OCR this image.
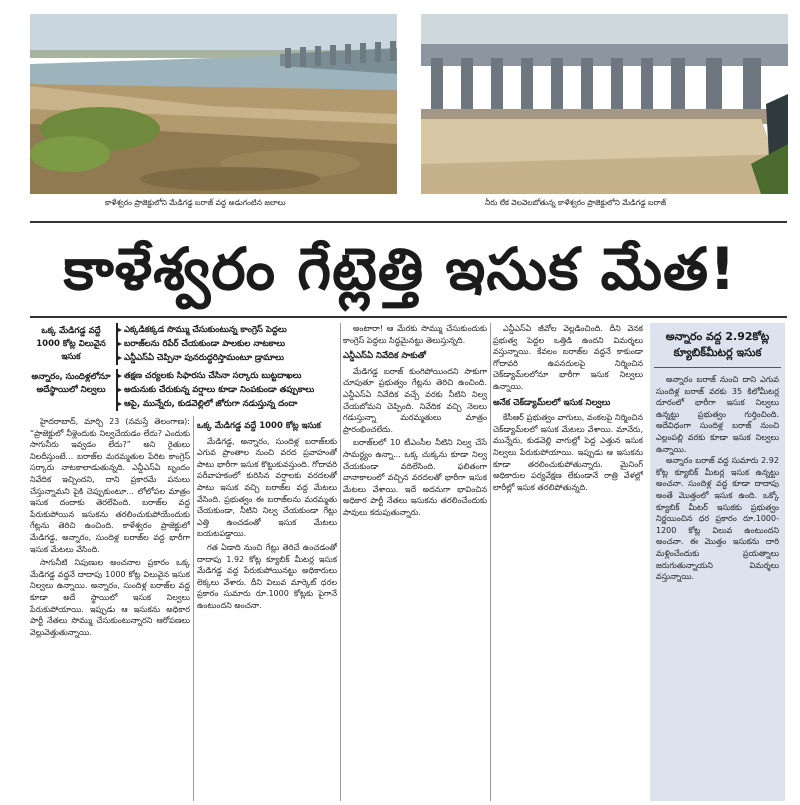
కాళేశ్వరం ప్రాజెక్టులోని మేడిగడ్డ బరాజ్ వద్ద అడుగంటిన జలాలు	నీరు లేక వెలవెలబోతున్న కాళేశ్వరం ప్రాజెక్టులోని మేడిగడ్డ బరాజ్
కాళేశ్వరం గేట్లెత్తి ఇసుక మేత!
ఒక్క మేడిగడ్డ వద్దే 1000 కోట్ల విలువైన ఇసుక
ఎక్కడికక్కడ సొమ్ము చేసుకుంటున్న కాంగ్రెస్ పెద్దలు
బరాజ్‌లను రిపేర్ చేయకుండా పాలకుల నాటకాలు
ఎన్డీఎస్‌ఏ చెప్పినా పునరుద్ధరిస్తామంటూ డ్రామాలు
అన్నారం, సుందిళ్లలోనూ అదేస్థాయిలో నిల్వలు
తక్షణ చర్యలకు సిఫారసు చేసినా సర్కారు బుట్టదాఖలు
అదునుకు చేరుకున్న వర్షాలు కూడా నింపకుండా తప్పుకాలు
ఆపై, మున్నేరు, కుడవెల్లిలో జోరుగా నడుస్తున్న దందా

హైదరాబాద్, మార్చి 23 (నమస్తే తెలంగాణ): “ప్రాజెక్టులో నీళ్లెందుకు నిల్వచేయడం లేదు? ఎందుకు సాగునీరు ఇవ్వడం లేదు?” అని రైతులు నిలదీస్తుంటే... బరాజ్‌ల మరమ్మతుల పేరిట కాంగ్రెస్ సర్కారు నాటకాలాడుతున్నది. ఎన్డీఎస్‌ఏ బృందం నివేదిక ఇచ్చిందని, దాని ప్రకారమే పనులు చేస్తున్నామని పైకి చెప్పుకుంటూ... లోలోపల మాత్రం ఇసుక దందాకు తెరలేపింది. బరాజ్‌ల వద్ద పేరుకుపోయిన ఇసుకను తరలించుకుపోయేందుకు గేట్లను తెరిచి ఉంచింది. కాళేశ్వరం ప్రాజెక్టులో మేడిగడ్డ, అన్నారం, సుందిళ్ల బరాజ్‌ల వద్ద భారీగా ఇసుక మేటలు వేసింది.

సాగునీటి నిపుణుల అంచనాల ప్రకారం ఒక్క మేడిగడ్డ వద్దనే దాదాపు 1000 కోట్ల విలువైన ఇసుక నిల్వలు ఉన్నాయి. అన్నారం, సుందిళ్ల బరాజ్‌ల వద్ద కూడా అదే స్థాయిలో ఇసుక నిల్వలు పేరుకుపోయాయి. ఇప్పుడు ఆ ఇసుకను అధికార పార్టీ నేతలు సొమ్ము చేసుకుంటున్నారని ఆరోపణలు వెల్లువెత్తుతున్నాయి.

ఒక్క మేడిగడ్డ వద్దే 1000 కోట్ల ఇసుక

మేడిగడ్డ, అన్నారం, సుందిళ్ల బరాజ్‌లకు ఎగువ ప్రాంతాల నుంచి వరద ప్రవాహంతో పాటు భారీగా ఇసుక కొట్టుకువస్తుంది. గోదావరి పరీవాహకంలో కురిసిన వర్షాలకు వరదలతో పాటు ఇసుక వచ్చి బరాజ్‌ల వద్ద మేటలు వేసింది. ప్రభుత్వం ఈ బరాజ్‌లను మరమ్మతు చేయకుండా, నీటిని నిల్వ చేయకుండా గేట్లు ఎత్తి ఉంచడంతో ఇసుక మేటలు బయటపడ్డాయి.

గత ఏడాది నుంచి గేట్లు తెరిచే ఉంచడంతో దాదాపు 1.92 కోట్ల క్యూబిక్ మీటర్ల ఇసుక మేడిగడ్డ వద్ద పేరుకుపోయినట్టు అధికారులు లెక్కలు వేశారు. దీని విలువ మార్కెట్ ధరల ప్రకారం సుమారు రూ.1000 కోట్లకు పైగానే ఉంటుందని అంచనా.

అంటారా! ఆ మేరకు సొమ్ము చేసుకుందుకు కాంగ్రెస్ పెద్దలు సిద్ధమైనట్టు తెలుస్తున్నది.

ఎన్డీఎస్‌ఏ నివేదిక సాకుతో

మేడిగడ్డ బరాజ్ కుంగిపోయిందని సాకుగా చూపుతూ ప్రభుత్వం గేట్లను తెరిచి ఉంచింది. ఎన్డీఎస్‌ఏ నివేదిక వచ్చే వరకు నీటిని నిల్వ చేయబోమని చెప్పింది. నివేదిక వచ్చి నెలలు గడుస్తున్నా మరమ్మతులు మాత్రం ప్రారంభించలేదు.

బరాజ్‌లలో 10 టీఎంసీల నీటిని నిల్వ చేసే సామర్థ్యం ఉన్నా... ఒక్క చుక్కను కూడా నిల్వ చేయకుండా వదిలేసింది. ఫలితంగా వానాకాలంలో వచ్చిన వరదలతో భారీగా ఇసుక మేటలు వేశాయి. ఇదే అదనుగా భావించిన అధికార పార్టీ నేతలు ఇసుకను తరలించేందుకు పావులు కదుపుతున్నారు.

ఎన్డీఎస్‌ఏ జీవోల వెల్లడించింది. దీని వెనక ప్రభుత్వ పెద్దల ఒత్తిడి ఉందని విమర్శలు వస్తున్నాయి. కేవలం బరాజ్‌ల వద్దనే కాకుండా గోదావరి ఉపనదులపై నిర్మించిన చెక్‌డ్యామ్‌లలోనూ భారీగా ఇసుక నిల్వలు ఉన్నాయి.

అనేక చెక్‌డ్యామ్‌లలో ఇసుక నిల్వలు

కేసీఆర్ ప్రభుత్వం వాగులు, వంకలపై నిర్మించిన చెక్‌డ్యామ్‌లలో ఇసుక మేటలు వేశాయి. మానేరు, మున్నేరు, కుడవెల్లి వాగుల్లో పెద్ద ఎత్తున ఇసుక నిల్వలు పేరుకుపోయాయి. ఇప్పుడు ఆ ఇసుకను కూడా తరలించుకుపోతున్నారు. మైనింగ్ అధికారుల పర్యవేక్షణ లేకుండానే రాత్రి వేళల్లో లారీల్లో ఇసుక తరలిపోతున్నది.

అన్నారం వద్ద 2.92కోట్ల క్యూబిక్‌మీటర్ల ఇసుక

అన్నారం బరాజ్ నుంచి దాని ఎగువ సుందిళ్ల బరాజ్ వరకు 35 కిలోమీటర్ల దూరంలో భారీగా ఇసుక నిల్వలు ఉన్నట్టు ప్రభుత్వం గుర్తించింది. అదేవిధంగా సుందిళ్ల బరాజ్ నుంచి ఎల్లంపల్లి వరకు కూడా ఇసుక నిల్వలు ఉన్నాయి.

అన్నారం బరాజ్ వద్ద సుమారు 2.92 కోట్ల క్యూబిక్ మీటర్ల ఇసుక ఉన్నట్టు అంచనా. సుందిళ్ల వద్ద కూడా దాదాపు అంతే మొత్తంలో ఇసుక ఉంది. ఒక్కో క్యూబిక్ మీటర్ ఇసుకకు ప్రభుత్వం నిర్ణయించిన ధర ప్రకారం రూ.1000-1200 కోట్ల విలువ ఉంటుందని అంచనా. ఈ మొత్తం ఇసుకను దారి మళ్లించేందుకు ప్రయత్నాలు జరుగుతున్నాయని విమర్శలు వస్తున్నాయి.
